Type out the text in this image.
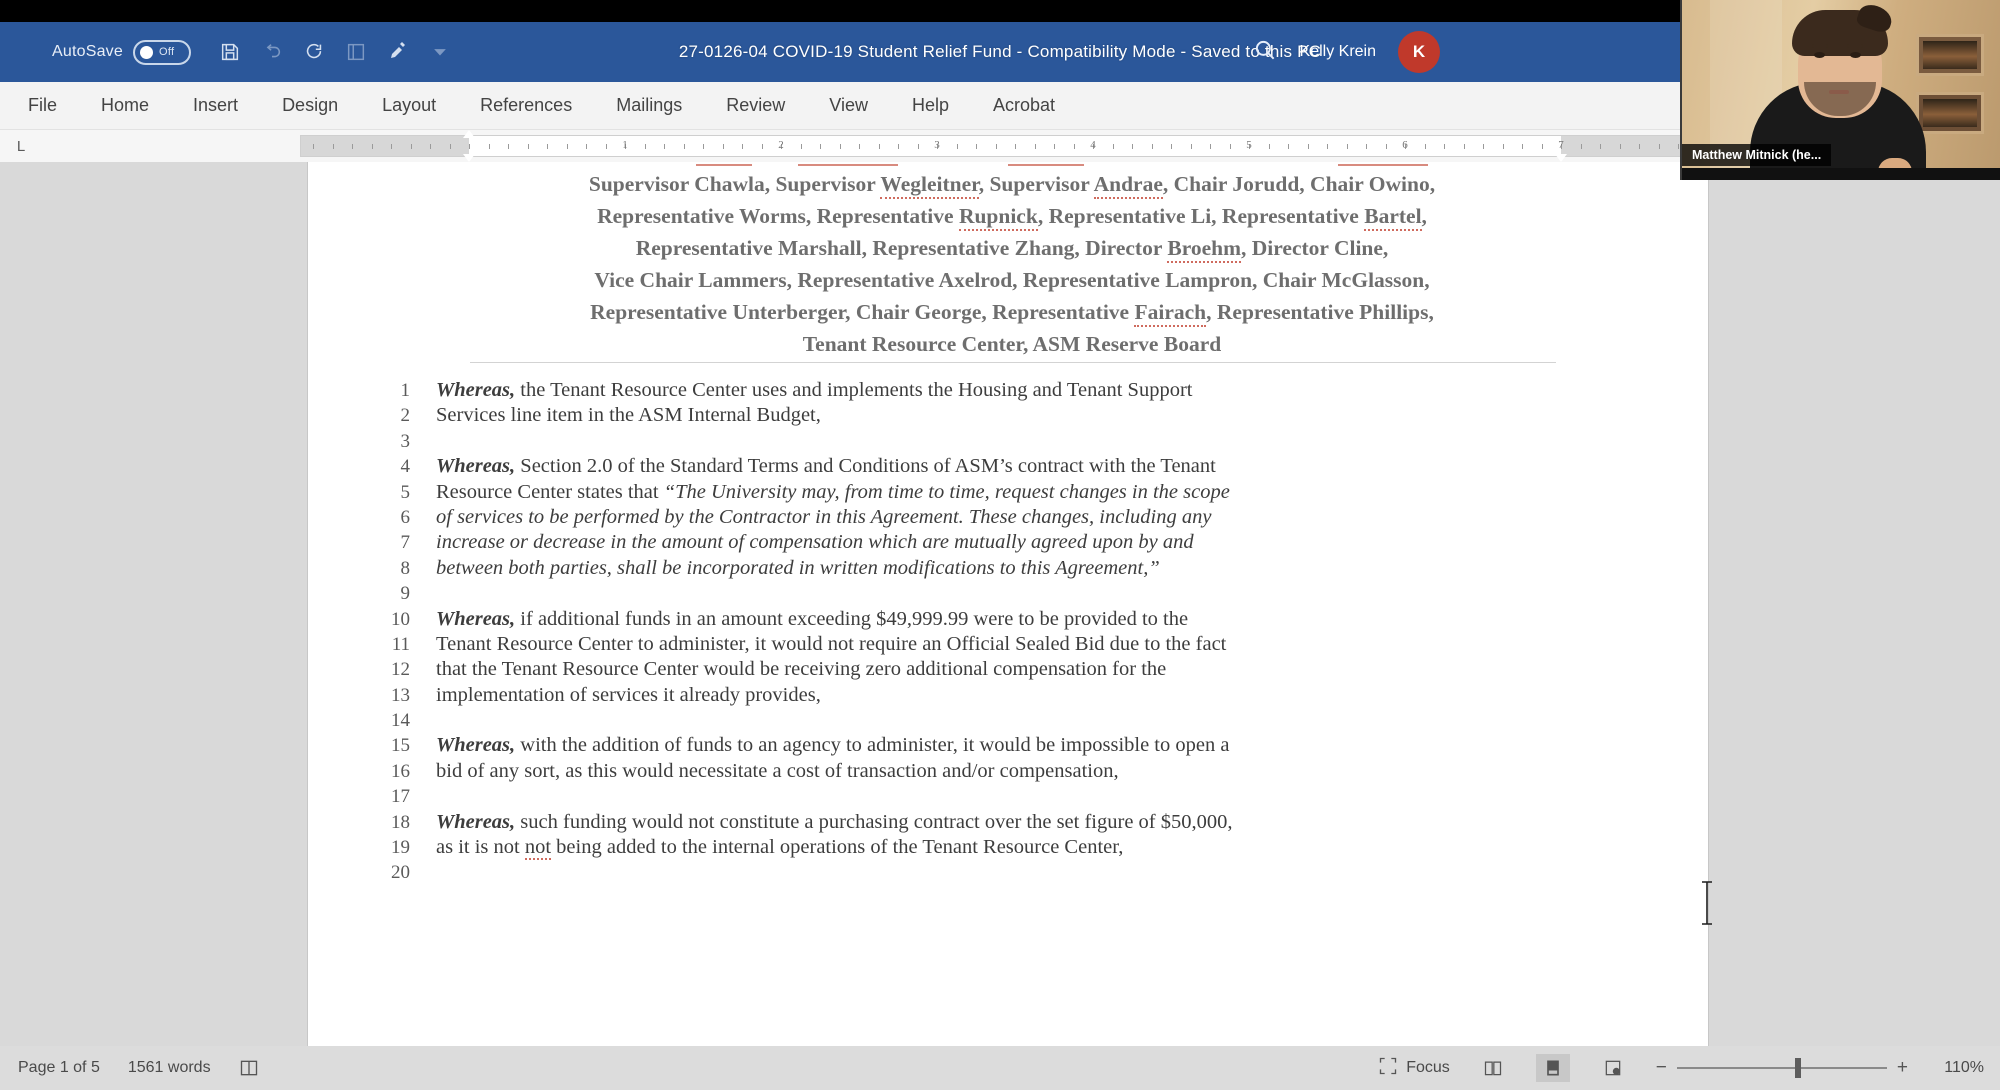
AutoSave	Off	27-0126-04 COVID-19 Student Relief Fund - Compatibility Mode - Saved to this PC
Kelly Krein	K
File	Home	Insert	Design	Layout	References	Mailings	Review	View	Help	Acrobat
L	1	2	3	4	5	6	7
Supervisor Chawla, Supervisor Wegleitner, Supervisor Andrae, Chair Jorudd, Chair Owino,
Representative Worms, Representative Rupnick, Representative Li, Representative Bartel,
Representative Marshall, Representative Zhang, Director Broehm, Director Cline,
Vice Chair Lammers, Representative Axelrod, Representative Lampron, Chair McGlasson,
Representative Unterberger, Chair George, Representative Fairach, Representative Phillips,
Tenant Resource Center, ASM Reserve Board
1 Whereas, the Tenant Resource Center uses and implements the Housing and Tenant Support
2 Services line item in the ASM Internal Budget,
3
4 Whereas, Section 2.0 of the Standard Terms and Conditions of ASM’s contract with the Tenant
5 Resource Center states that “The University may, from time to time, request changes in the scope
6 of services to be performed by the Contractor in this Agreement. These changes, including any
7 increase or decrease in the amount of compensation which are mutually agreed upon by and
8 between both parties, shall be incorporated in written modifications to this Agreement,”
9
10 Whereas, if additional funds in an amount exceeding $49,999.99 were to be provided to the
11 Tenant Resource Center to administer, it would not require an Official Sealed Bid due to the fact
12 that the Tenant Resource Center would be receiving zero additional compensation for the
13 implementation of services it already provides,
14
15 Whereas, with the addition of funds to an agency to administer, it would be impossible to open a
16 bid of any sort, as this would necessitate a cost of transaction and/or compensation,
17
18 Whereas, such funding would not constitute a purchasing contract over the set figure of $50,000,
19 as it is not not being added to the internal operations of the Tenant Resource Center,
20
Page 1 of 5 1561 words	Focus	−	+	110%
Matthew Mitnick (he...
